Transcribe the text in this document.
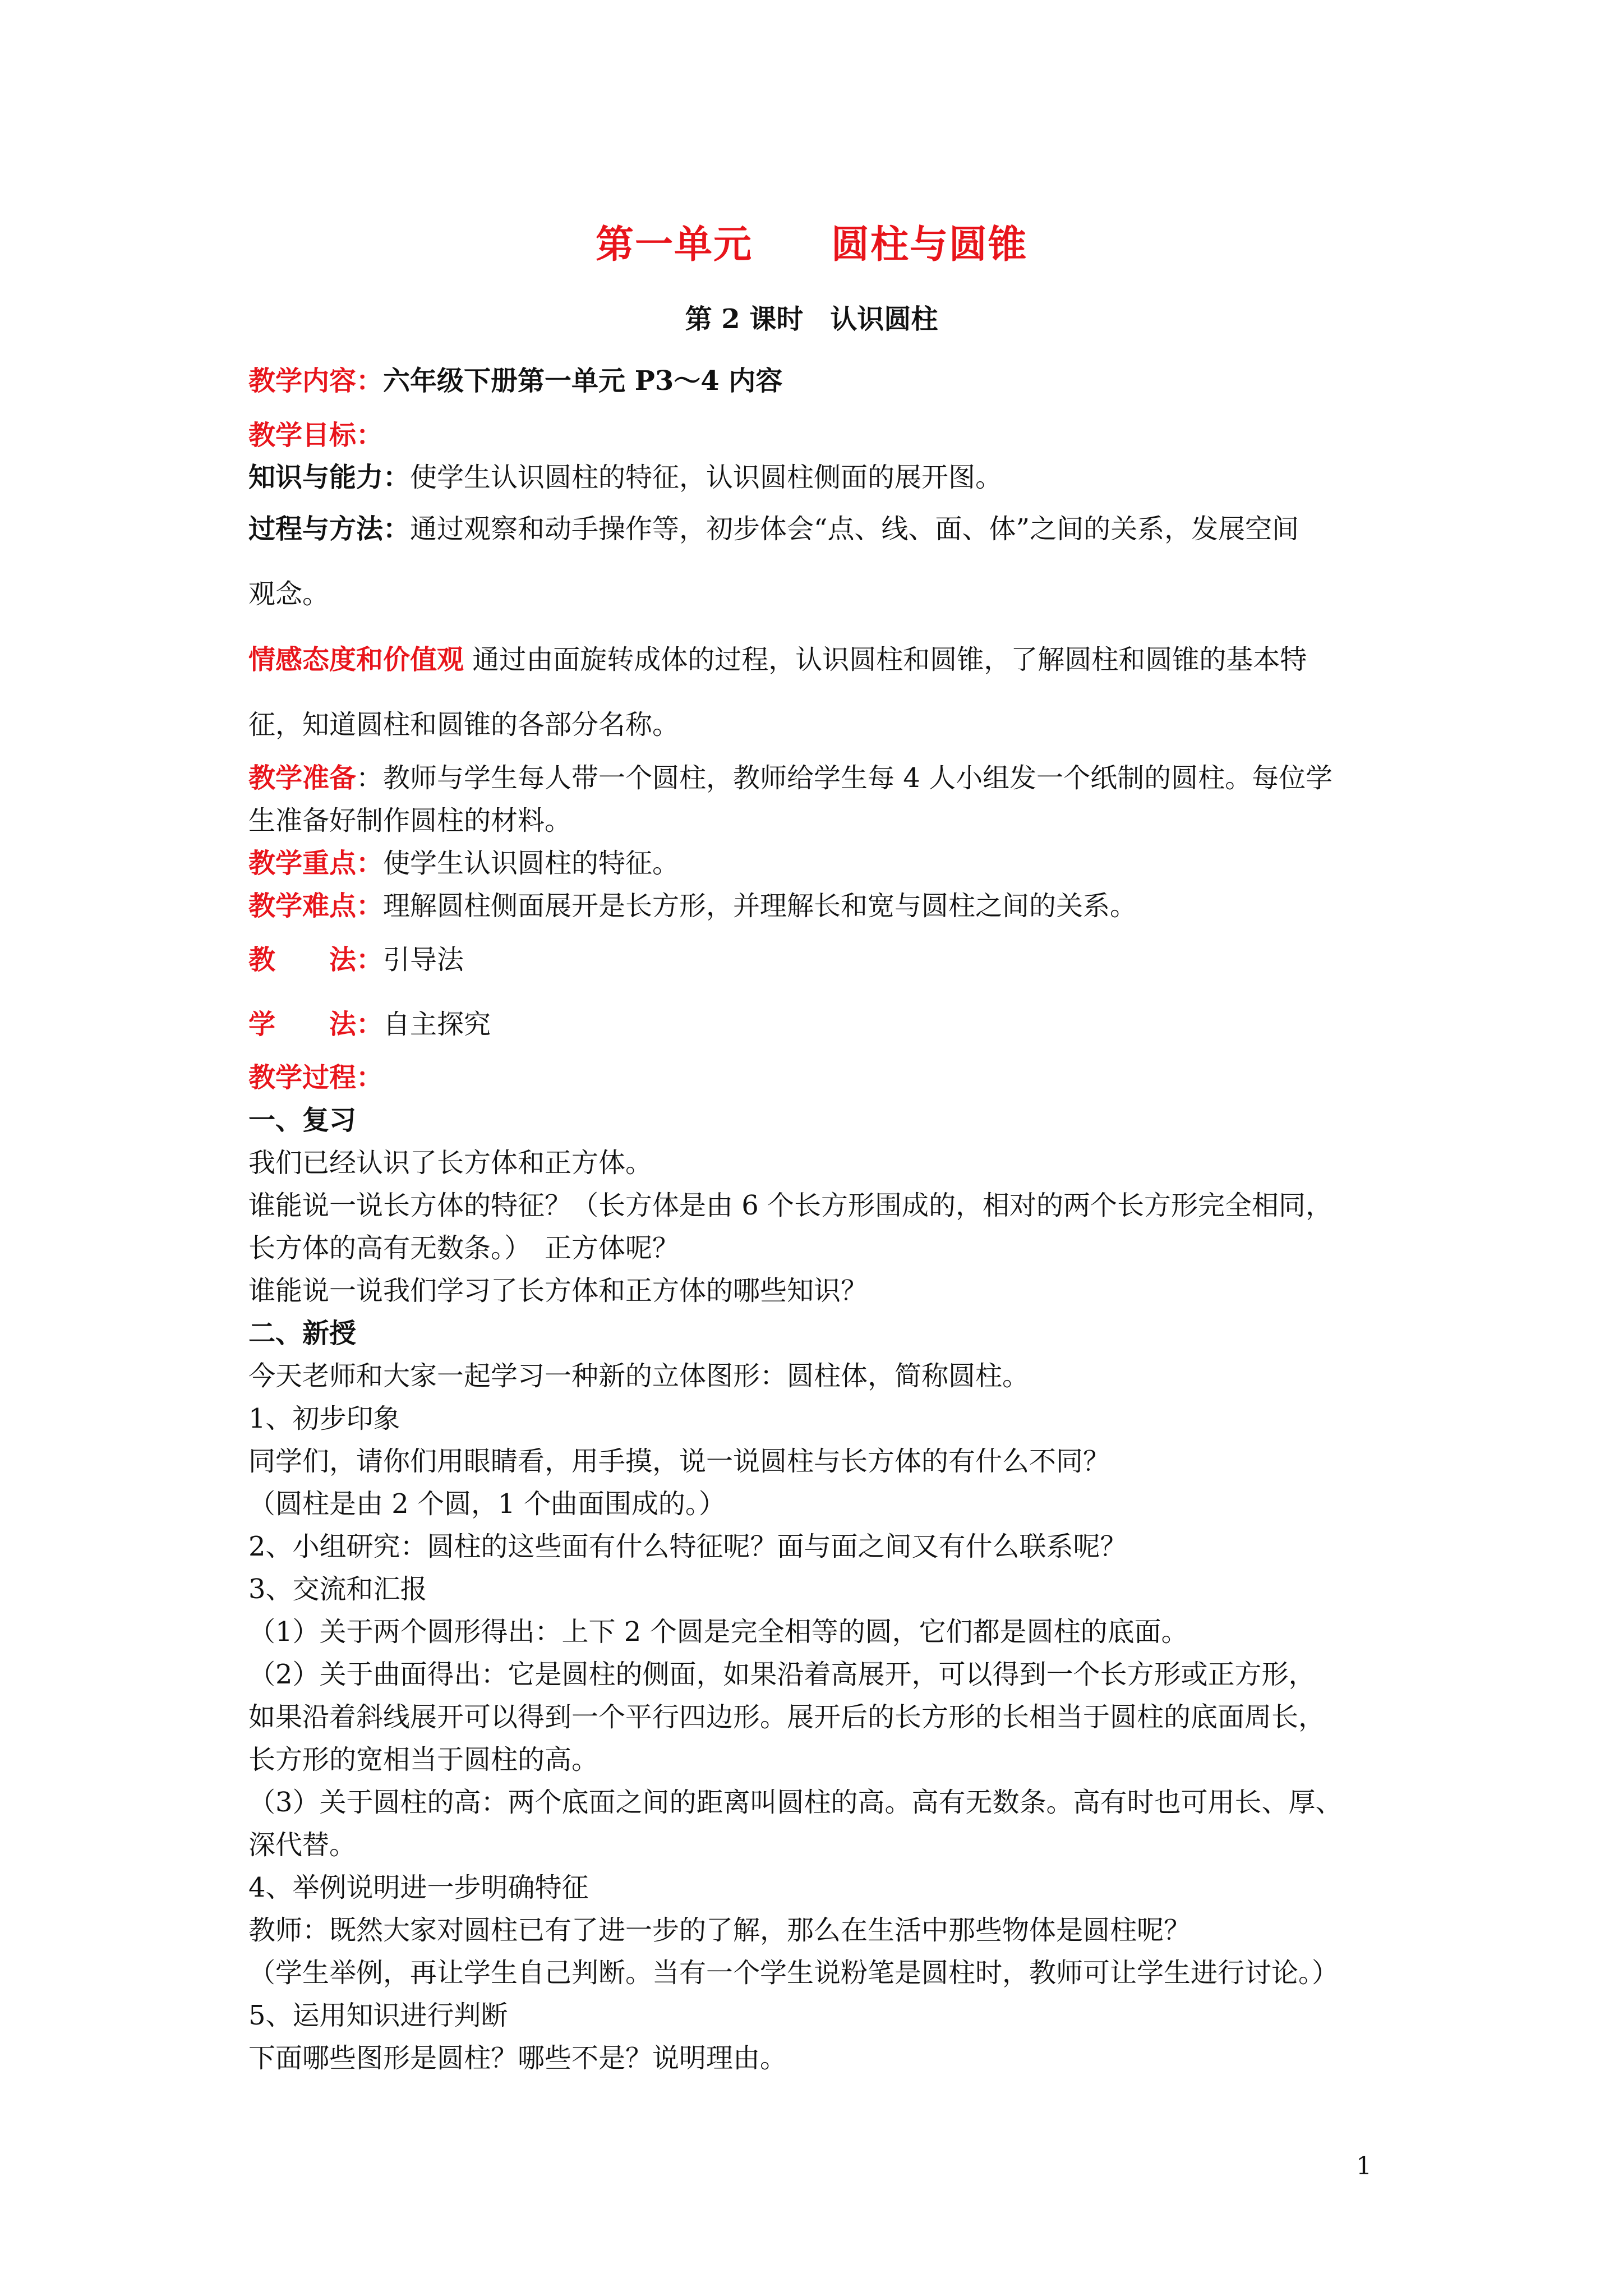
第一单元　　圆柱与圆锥
第 2 课时　认识圆柱
教学内容：六年级下册第一单元 P3～4 内容
教学目标：
知识与能力：使学生认识圆柱的特征，认识圆柱侧面的展开图。
过程与方法：通过观察和动手操作等，初步体会“点、线、面、体”之间的关系，发展空间
观念。
情感态度和价值观 通过由面旋转成体的过程，认识圆柱和圆锥，了解圆柱和圆锥的基本特
征，知道圆柱和圆锥的各部分名称。
教学准备：教师与学生每人带一个圆柱，教师给学生每 4 人小组发一个纸制的圆柱。每位学
生准备好制作圆柱的材料。
教学重点：使学生认识圆柱的特征。
教学难点：理解圆柱侧面展开是长方形，并理解长和宽与圆柱之间的关系。
教 法：引导法
学 法：自主探究
教学过程：
一、复习
我们已经认识了长方体和正方体。
谁能说一说长方体的特征？（长方体是由 6 个长方形围成的，相对的两个长方形完全相同，
长方体的高有无数条。）　正方体呢？
谁能说一说我们学习了长方体和正方体的哪些知识？
二、新授
今天老师和大家一起学习一种新的立体图形：圆柱体，简称圆柱。
1、初步印象
同学们，请你们用眼睛看，用手摸，说一说圆柱与长方体的有什么不同？
（圆柱是由 2 个圆，1 个曲面围成的。）
2、小组研究：圆柱的这些面有什么特征呢？面与面之间又有什么联系呢？
3、交流和汇报
（1）关于两个圆形得出：上下 2 个圆是完全相等的圆，它们都是圆柱的底面。
（2）关于曲面得出：它是圆柱的侧面，如果沿着高展开，可以得到一个长方形或正方形，
如果沿着斜线展开可以得到一个平行四边形。展开后的长方形的长相当于圆柱的底面周长，
长方形的宽相当于圆柱的高。
（3）关于圆柱的高：两个底面之间的距离叫圆柱的高。高有无数条。高有时也可用长、厚、
深代替。
4、举例说明进一步明确特征
教师：既然大家对圆柱已有了进一步的了解，那么在生活中那些物体是圆柱呢？
（学生举例，再让学生自己判断。当有一个学生说粉笔是圆柱时，教师可让学生进行讨论。）
5、运用知识进行判断
下面哪些图形是圆柱？哪些不是？说明理由。
1
